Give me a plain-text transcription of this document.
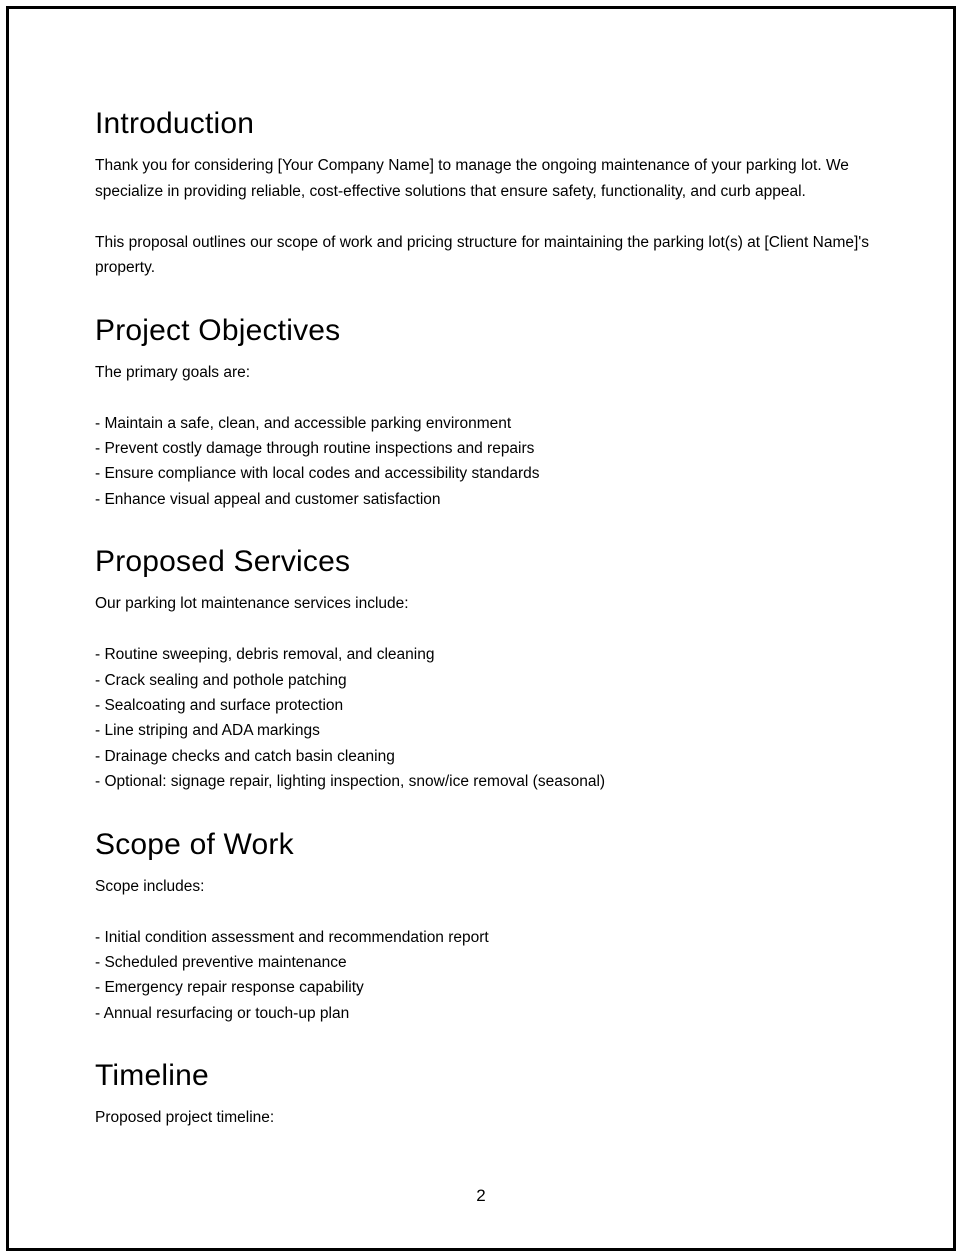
Introduction

Thank you for considering [Your Company Name] to manage the ongoing maintenance of your parking lot. We specialize in providing reliable, cost-effective solutions that ensure safety, functionality, and curb appeal.

This proposal outlines our scope of work and pricing structure for maintaining the parking lot(s) at [Client Name]'s property.

Project Objectives

The primary goals are:

- Maintain a safe, clean, and accessible parking environment
- Prevent costly damage through routine inspections and repairs
- Ensure compliance with local codes and accessibility standards
- Enhance visual appeal and customer satisfaction
Proposed Services

Our parking lot maintenance services include:

- Routine sweeping, debris removal, and cleaning
- Crack sealing and pothole patching
- Sealcoating and surface protection
- Line striping and ADA markings
- Drainage checks and catch basin cleaning
- Optional: signage repair, lighting inspection, snow/ice removal (seasonal)
Scope of Work

Scope includes:

- Initial condition assessment and recommendation report
- Scheduled preventive maintenance
- Emergency repair response capability
- Annual resurfacing or touch-up plan
Timeline

Proposed project timeline:

2
